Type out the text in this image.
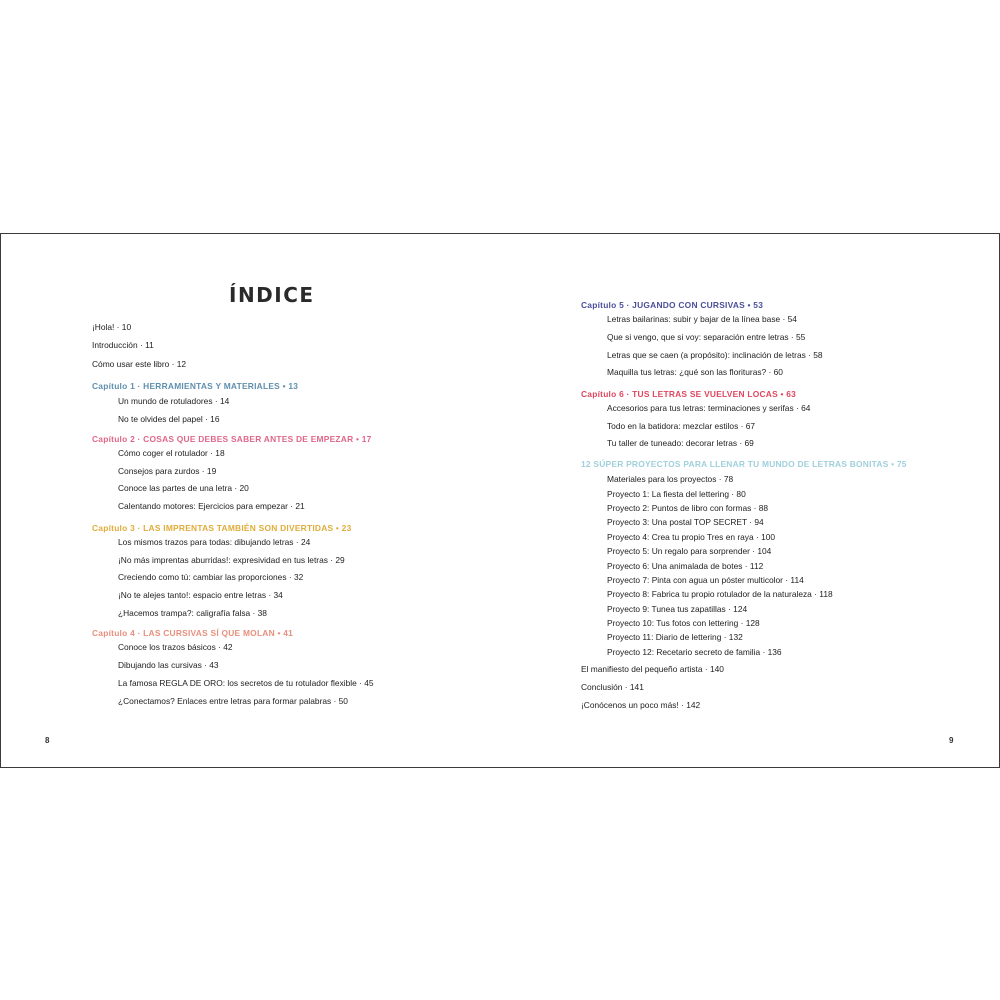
ÍNDICE
¡Hola! · 10
Introducción · 11
Cómo usar este libro · 12
Capítulo 1 · HERRAMIENTAS Y MATERIALES • 13
Un mundo de rotuladores · 14
No te olvides del papel · 16
Capítulo 2 · COSAS QUE DEBES SABER ANTES DE EMPEZAR • 17
Cómo coger el rotulador · 18
Consejos para zurdos · 19
Conoce las partes de una letra · 20
Calentando motores: Ejercicios para empezar · 21
Capítulo 3 · LAS IMPRENTAS TAMBIÉN SON DIVERTIDAS • 23
Los mismos trazos para todas: dibujando letras · 24
¡No más imprentas aburridas!: expresividad en tus letras · 29
Creciendo como tú: cambiar las proporciones · 32
¡No te alejes tanto!: espacio entre letras · 34
¿Hacemos trampa?: caligrafía falsa · 38
Capítulo 4 · LAS CURSIVAS SÍ QUE MOLAN • 41
Conoce los trazos básicos · 42
Dibujando las cursivas · 43
La famosa REGLA DE ORO: los secretos de tu rotulador flexible · 45
¿Conectamos? Enlaces entre letras para formar palabras · 50
Capítulo 5 · JUGANDO CON CURSIVAS • 53
Letras bailarinas: subir y bajar de la línea base · 54
Que si vengo, que si voy: separación entre letras · 55
Letras que se caen (a propósito): inclinación de letras · 58
Maquilla tus letras: ¿qué son las florituras? · 60
Capítulo 6 · TUS LETRAS SE VUELVEN LOCAS • 63
Accesorios para tus letras: terminaciones y serifas · 64
Todo en la batidora: mezclar estilos · 67
Tu taller de tuneado: decorar letras · 69
12 SÚPER PROYECTOS PARA LLENAR TU MUNDO DE LETRAS BONITAS • 75
Materiales para los proyectos · 78
Proyecto 1: La fiesta del lettering · 80
Proyecto 2: Puntos de libro con formas · 88
Proyecto 3: Una postal TOP SECRET · 94
Proyecto 4: Crea tu propio Tres en raya · 100
Proyecto 5: Un regalo para sorprender · 104
Proyecto 6: Una animalada de botes · 112
Proyecto 7: Pinta con agua un póster multicolor · 114
Proyecto 8: Fabrica tu propio rotulador de la naturaleza · 118
Proyecto 9: Tunea tus zapatillas · 124
Proyecto 10: Tus fotos con lettering · 128
Proyecto 11: Diario de lettering · 132
Proyecto 12: Recetario secreto de familia · 136
El manifiesto del pequeño artista · 140
Conclusión · 141
¡Conócenos un poco más! · 142
8	9
